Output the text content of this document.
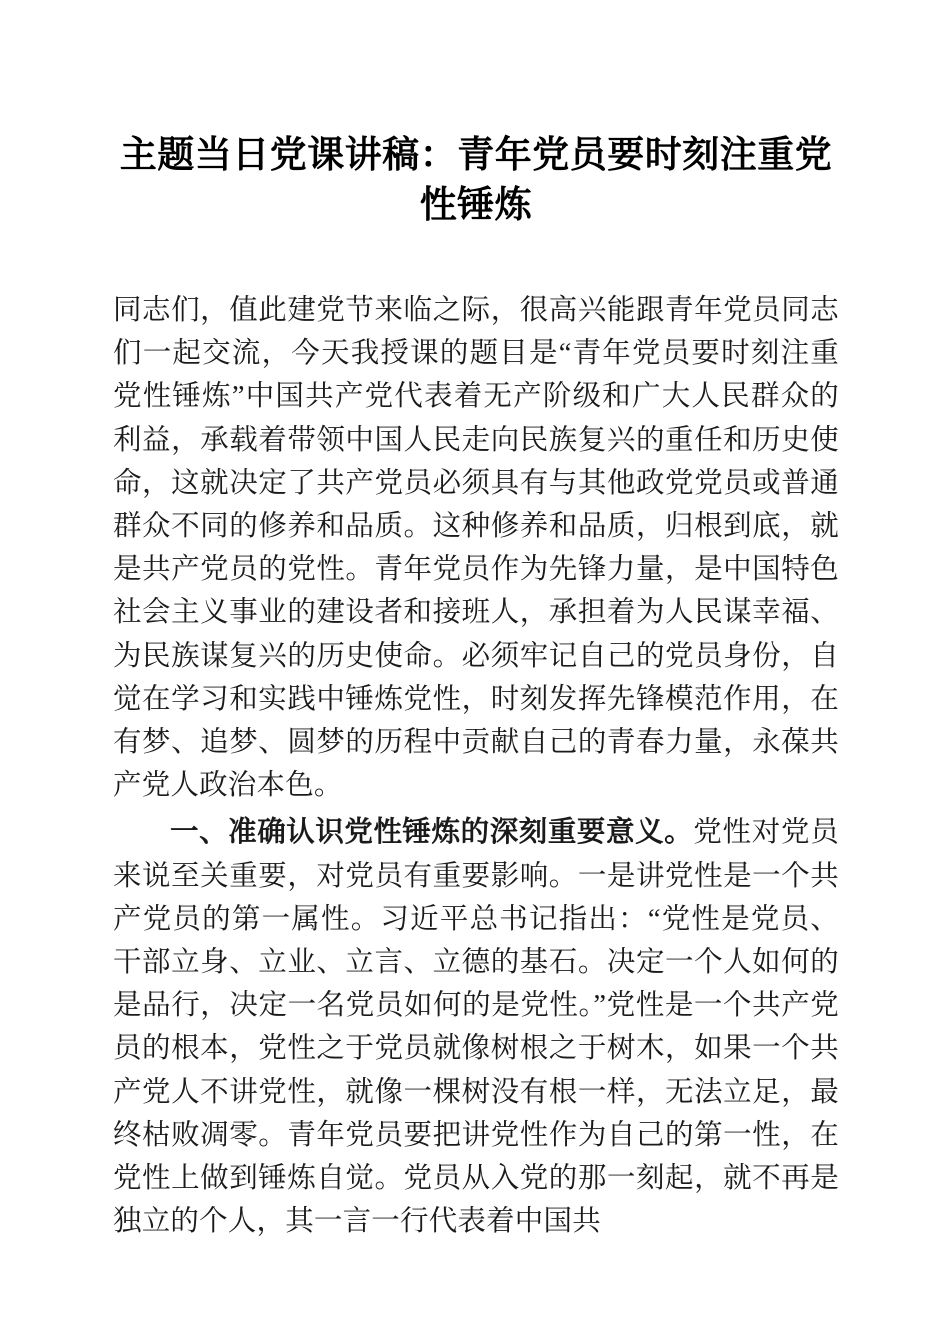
主题当日党课讲稿：青年党员要时刻注重党性锤炼

同志们，值此建党节来临之际，很高兴能跟青年党员同志们一起交流，今天我授课的题目是“青年党员要时刻注重党性锤炼”中国共产党代表着无产阶级和广大人民群众的利益，承载着带领中国人民走向民族复兴的重任和历史使命，这就决定了共产党员必须具有与其他政党党员或普通群众不同的修养和品质。这种修养和品质，归根到底，就是共产党员的党性。青年党员作为先锋力量，是中国特色社会主义事业的建设者和接班人，承担着为人民谋幸福、为民族谋复兴的历史使命。必须牢记自己的党员身份，自觉在学习和实践中锤炼党性，时刻发挥先锋模范作用，在有梦、追梦、圆梦的历程中贡献自己的青春力量，永葆共产党人政治本色。

一、准确认识党性锤炼的深刻重要意义。党性对党员来说至关重要，对党员有重要影响。一是讲党性是一个共产党员的第一属性。习近平总书记指出：“党性是党员、干部立身、立业、立言、立德的基石。决定一个人如何的是品行，决定一名党员如何的是党性。”党性是一个共产党员的根本，党性之于党员就像树根之于树木，如果一个共产党人不讲党性，就像一棵树没有根一样，无法立足，最终枯败凋零。青年党员要把讲党性作为自己的第一性，在党性上做到锤炼自觉。党员从入党的那一刻起，就不再是独立的个人，其一言一行代表着中国共
